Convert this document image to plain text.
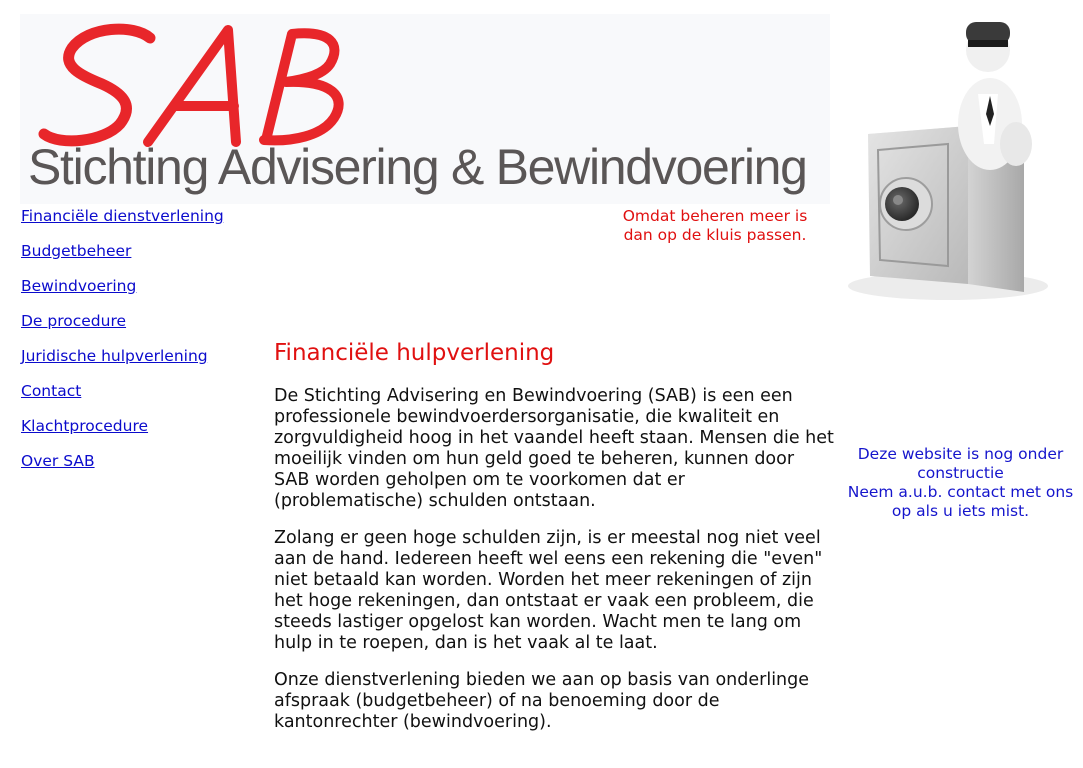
Stichting Advisering & Bewindvoering
Omdat beheren meer is
dan op de kluis passen.
Financiële dienstverlening
Budgetbeheer
Bewindvoering
De procedure
Juridische hulpverlening
Contact
Klachtprocedure
Over SAB
Financiële hulpverlening

De Stichting Advisering en Bewindvoering (SAB) is een een professionele bewindvoerdersorganisatie, die kwaliteit en zorgvuldigheid hoog in het vaandel heeft staan. Mensen die het moeilijk vinden om hun geld goed te beheren, kunnen door SAB worden geholpen om te voorkomen dat er (problematische) schulden ontstaan.

Zolang er geen hoge schulden zijn, is er meestal nog niet veel aan de hand. Iedereen heeft wel eens een rekening die "even" niet betaald kan worden. Worden het meer rekeningen of zijn het hoge rekeningen, dan ontstaat er vaak een probleem, die steeds lastiger opgelost kan worden. Wacht men te lang om hulp in te roepen, dan is het vaak al te laat.

Onze dienstverlening bieden we aan op basis van onderlinge afspraak (budgetbeheer) of na benoeming door de kantonrechter (bewindvoering).

Deze website is nog onder
constructie
Neem a.u.b. contact met ons
op als u iets mist.
